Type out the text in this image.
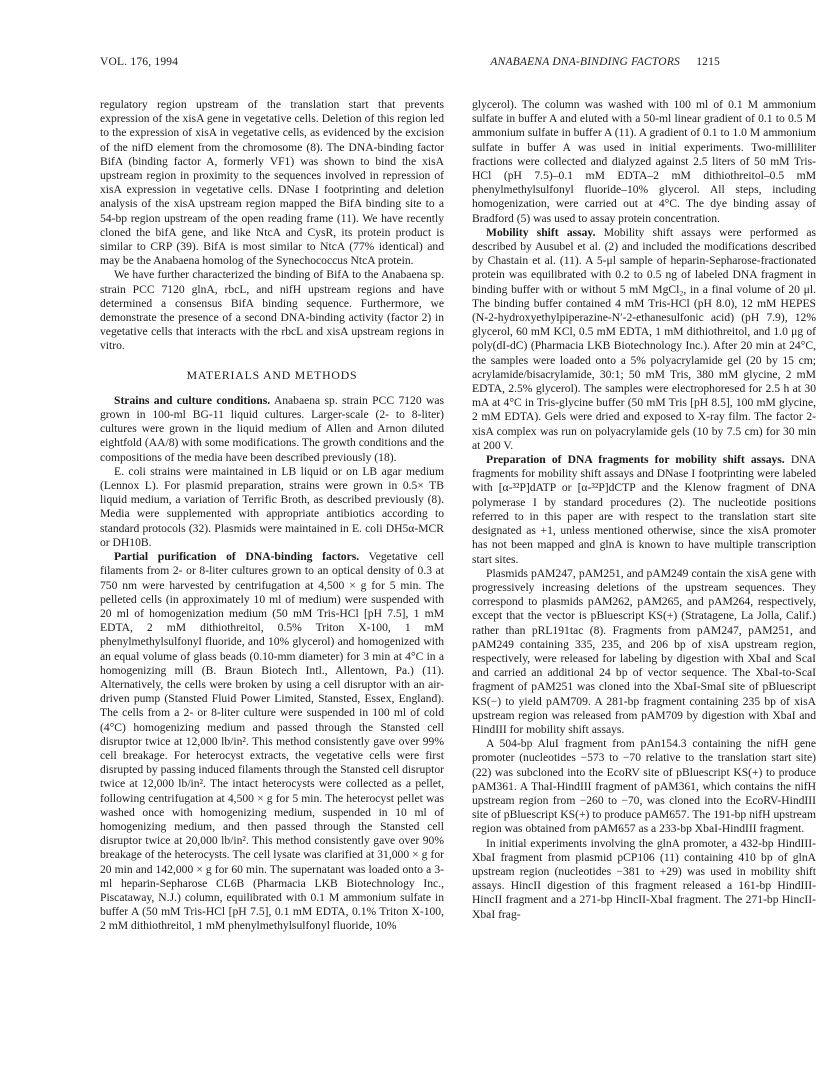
VOL. 176, 1994	ANABAENA DNA-BINDING FACTORS 1215

regulatory region upstream of the translation start that prevents expression of the xisA gene in vegetative cells. Deletion of this region led to the expression of xisA in vegetative cells, as evidenced by the excision of the nifD element from the chromosome (8). The DNA-binding factor BifA (binding factor A, formerly VF1) was shown to bind the xisA upstream region in proximity to the sequences involved in repression of xisA expression in vegetative cells. DNase I footprinting and deletion analysis of the xisA upstream region mapped the BifA binding site to a 54-bp region upstream of the open reading frame (11). We have recently cloned the bifA gene, and like NtcA and CysR, its protein product is similar to CRP (39). BifA is most similar to NtcA (77% identical) and may be the Anabaena homolog of the Synechococcus NtcA protein.

We have further characterized the binding of BifA to the Anabaena sp. strain PCC 7120 glnA, rbcL, and nifH upstream regions and have determined a consensus BifA binding sequence. Furthermore, we demonstrate the presence of a second DNA-binding activity (factor 2) in vegetative cells that interacts with the rbcL and xisA upstream regions in vitro.

MATERIALS AND METHODS

Strains and culture conditions. Anabaena sp. strain PCC 7120 was grown in 100-ml BG-11 liquid cultures. Larger-scale (2- to 8-liter) cultures were grown in the liquid medium of Allen and Arnon diluted eightfold (AA/8) with some modifications. The growth conditions and the compositions of the media have been described previously (18).

E. coli strains were maintained in LB liquid or on LB agar medium (Lennox L). For plasmid preparation, strains were grown in 0.5× TB liquid medium, a variation of Terrific Broth, as described previously (8). Media were supplemented with appropriate antibiotics according to standard protocols (32). Plasmids were maintained in E. coli DH5α-MCR or DH10B.

Partial purification of DNA-binding factors. Vegetative cell filaments from 2- or 8-liter cultures grown to an optical density of 0.3 at 750 nm were harvested by centrifugation at 4,500 × g for 5 min. The pelleted cells (in approximately 10 ml of medium) were suspended with 20 ml of homogenization medium (50 mM Tris-HCl [pH 7.5], 1 mM EDTA, 2 mM dithiothreitol, 0.5% Triton X-100, 1 mM phenylmethylsulfonyl fluoride, and 10% glycerol) and homogenized with an equal volume of glass beads (0.10-mm diameter) for 3 min at 4°C in a homogenizing mill (B. Braun Biotech Intl., Allentown, Pa.) (11). Alternatively, the cells were broken by using a cell disruptor with an air-driven pump (Stansted Fluid Power Limited, Stansted, Essex, England). The cells from a 2- or 8-liter culture were suspended in 100 ml of cold (4°C) homogenizing medium and passed through the Stansted cell disruptor twice at 12,000 lb/in². This method consistently gave over 99% cell breakage. For heterocyst extracts, the vegetative cells were first disrupted by passing induced filaments through the Stansted cell disruptor twice at 12,000 lb/in². The intact heterocysts were collected as a pellet, following centrifugation at 4,500 × g for 5 min. The heterocyst pellet was washed once with homogenizing medium, suspended in 10 ml of homogenizing medium, and then passed through the Stansted cell disruptor twice at 20,000 lb/in². This method consistently gave over 90% breakage of the heterocysts. The cell lysate was clarified at 31,000 × g for 20 min and 142,000 × g for 60 min. The supernatant was loaded onto a 3-ml heparin-Sepharose CL6B (Pharmacia LKB Biotechnology Inc., Piscataway, N.J.) column, equilibrated with 0.1 M ammonium sulfate in buffer A (50 mM Tris-HCl [pH 7.5], 0.1 mM EDTA, 0.1% Triton X-100, 2 mM dithiothreitol, 1 mM phenylmethylsulfonyl fluoride, 10%

glycerol). The column was washed with 100 ml of 0.1 M ammonium sulfate in buffer A and eluted with a 50-ml linear gradient of 0.1 to 0.5 M ammonium sulfate in buffer A (11). A gradient of 0.1 to 1.0 M ammonium sulfate in buffer A was used in initial experiments. Two-milliliter fractions were collected and dialyzed against 2.5 liters of 50 mM Tris-HCl (pH 7.5)–0.1 mM EDTA–2 mM dithiothreitol–0.5 mM phenylmethylsulfonyl fluoride–10% glycerol. All steps, including homogenization, were carried out at 4°C. The dye binding assay of Bradford (5) was used to assay protein concentration.

Mobility shift assay. Mobility shift assays were performed as described by Ausubel et al. (2) and included the modifications described by Chastain et al. (11). A 5-μl sample of heparin-Sepharose-fractionated protein was equilibrated with 0.2 to 0.5 ng of labeled DNA fragment in binding buffer with or without 5 mM MgCl₂, in a final volume of 20 μl. The binding buffer contained 4 mM Tris-HCl (pH 8.0), 12 mM HEPES (N-2-hydroxyethylpiperazine-N′-2-ethanesulfonic acid) (pH 7.9), 12% glycerol, 60 mM KCl, 0.5 mM EDTA, 1 mM dithiothreitol, and 1.0 μg of poly(dI-dC) (Pharmacia LKB Biotechnology Inc.). After 20 min at 24°C, the samples were loaded onto a 5% polyacrylamide gel (20 by 15 cm; acrylamide/bisacrylamide, 30:1; 50 mM Tris, 380 mM glycine, 2 mM EDTA, 2.5% glycerol). The samples were electrophoresed for 2.5 h at 30 mA at 4°C in Tris-glycine buffer (50 mM Tris [pH 8.5], 100 mM glycine, 2 mM EDTA). Gels were dried and exposed to X-ray film. The factor 2-xisA complex was run on polyacrylamide gels (10 by 7.5 cm) for 30 min at 200 V.

Preparation of DNA fragments for mobility shift assays. DNA fragments for mobility shift assays and DNase I footprinting were labeled with [α-³²P]dATP or [α-³²P]dCTP and the Klenow fragment of DNA polymerase I by standard procedures (2). The nucleotide positions referred to in this paper are with respect to the translation start site designated as +1, unless mentioned otherwise, since the xisA promoter has not been mapped and glnA is known to have multiple transcription start sites.

Plasmids pAM247, pAM251, and pAM249 contain the xisA gene with progressively increasing deletions of the upstream sequences. They correspond to plasmids pAM262, pAM265, and pAM264, respectively, except that the vector is pBluescript KS(+) (Stratagene, La Jolla, Calif.) rather than pRL191tac (8). Fragments from pAM247, pAM251, and pAM249 containing 335, 235, and 206 bp of xisA upstream region, respectively, were released for labeling by digestion with XbaI and ScaI and carried an additional 24 bp of vector sequence. The XbaI-to-ScaI fragment of pAM251 was cloned into the XbaI-SmaI site of pBluescript KS(−) to yield pAM709. A 281-bp fragment containing 235 bp of xisA upstream region was released from pAM709 by digestion with XbaI and HindIII for mobility shift assays.

A 504-bp AluI fragment from pAn154.3 containing the nifH gene promoter (nucleotides −573 to −70 relative to the translation start site) (22) was subcloned into the EcoRV site of pBluescript KS(+) to produce pAM361. A ThaI-HindIII fragment of pAM361, which contains the nifH upstream region from −260 to −70, was cloned into the EcoRV-HindIII site of pBluescript KS(+) to produce pAM657. The 191-bp nifH upstream region was obtained from pAM657 as a 233-bp XbaI-HindIII fragment.

In initial experiments involving the glnA promoter, a 432-bp HindIII-XbaI fragment from plasmid pCP106 (11) containing 410 bp of glnA upstream region (nucleotides −381 to +29) was used in mobility shift assays. HincII digestion of this fragment released a 161-bp HindIII-HincII fragment and a 271-bp HincII-XbaI fragment. The 271-bp HincII-XbaI frag-
